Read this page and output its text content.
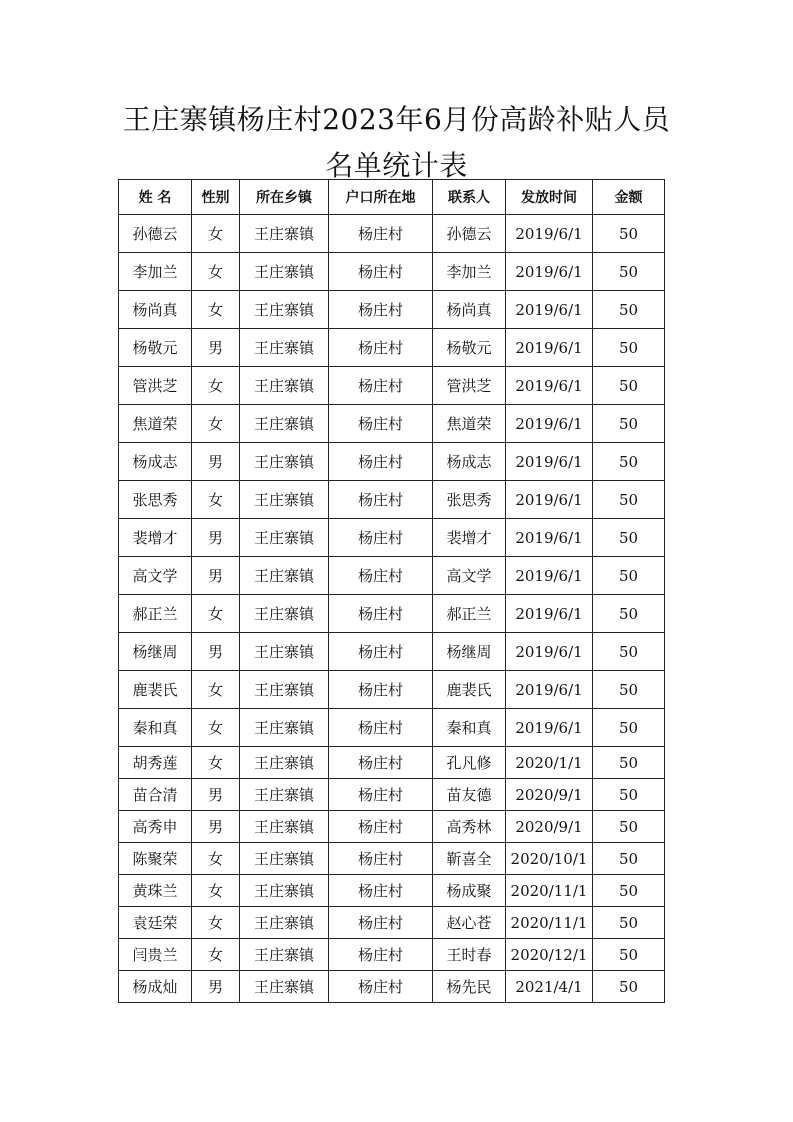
王庄寨镇杨庄村2023年6月份高龄补贴人员
名单统计表
姓 名	性别	所在乡镇	户口所在地	联系人	发放时间	金额
孙德云	女	王庄寨镇	杨庄村	孙德云	2019/6/1	50
李加兰	女	王庄寨镇	杨庄村	李加兰	2019/6/1	50
杨尚真	女	王庄寨镇	杨庄村	杨尚真	2019/6/1	50
杨敬元	男	王庄寨镇	杨庄村	杨敬元	2019/6/1	50
管洪芝	女	王庄寨镇	杨庄村	管洪芝	2019/6/1	50
焦道荣	女	王庄寨镇	杨庄村	焦道荣	2019/6/1	50
杨成志	男	王庄寨镇	杨庄村	杨成志	2019/6/1	50
张思秀	女	王庄寨镇	杨庄村	张思秀	2019/6/1	50
裴增才	男	王庄寨镇	杨庄村	裴增才	2019/6/1	50
高文学	男	王庄寨镇	杨庄村	高文学	2019/6/1	50
郝正兰	女	王庄寨镇	杨庄村	郝正兰	2019/6/1	50
杨继周	男	王庄寨镇	杨庄村	杨继周	2019/6/1	50
鹿裴氏	女	王庄寨镇	杨庄村	鹿裴氏	2019/6/1	50
秦和真	女	王庄寨镇	杨庄村	秦和真	2019/6/1	50
胡秀莲	女	王庄寨镇	杨庄村	孔凡修	2020/1/1	50
苗合清	男	王庄寨镇	杨庄村	苗友德	2020/9/1	50
高秀申	男	王庄寨镇	杨庄村	高秀林	2020/9/1	50
陈聚荣	女	王庄寨镇	杨庄村	靳喜全	2020/10/1	50
黄珠兰	女	王庄寨镇	杨庄村	杨成聚	2020/11/1	50
袁廷荣	女	王庄寨镇	杨庄村	赵心苍	2020/11/1	50
闫贵兰	女	王庄寨镇	杨庄村	王时春	2020/12/1	50
杨成灿	男	王庄寨镇	杨庄村	杨先民	2021/4/1	50
